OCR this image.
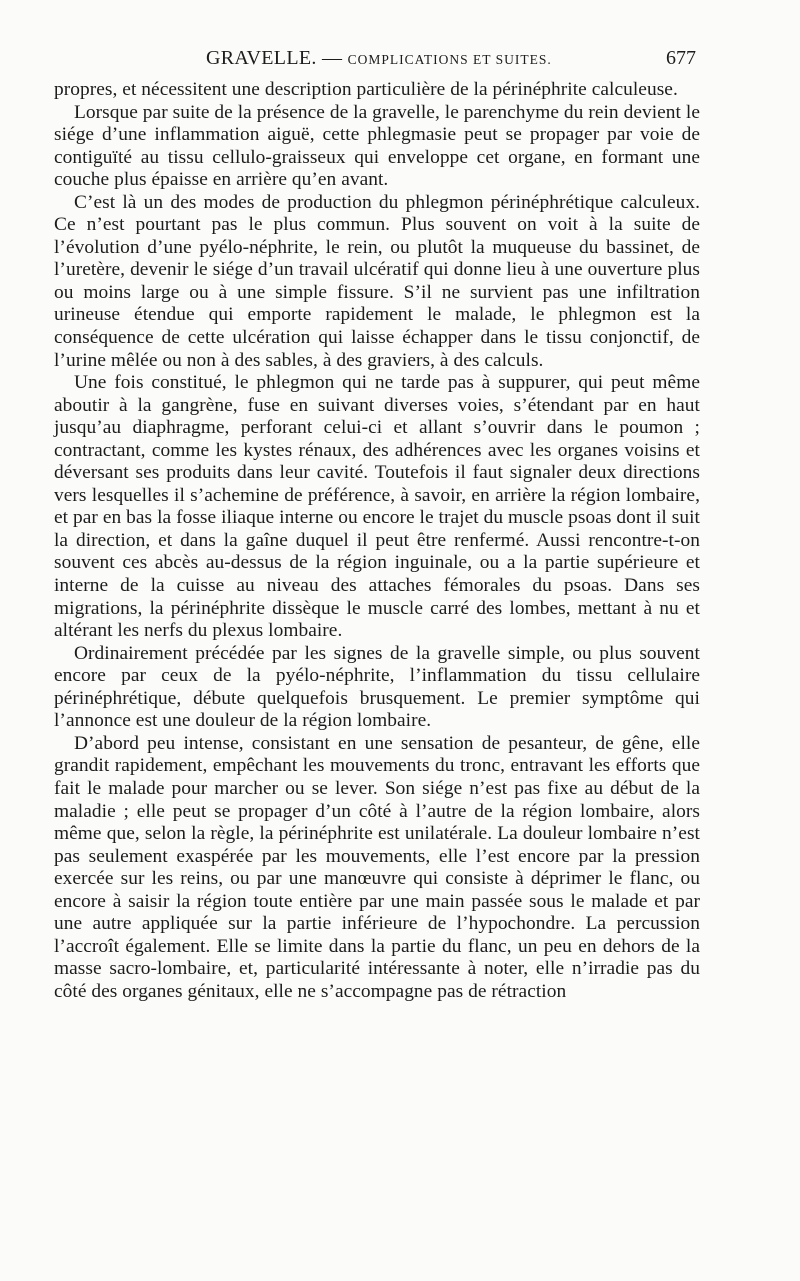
GRAVELLE. — COMPLICATIONS ET SUITES.	677

propres, et nécessitent une description particulière de la périnéphrite calculeuse.

Lorsque par suite de la présence de la gravelle, le parenchyme du rein devient le siége d’une inflammation aiguë, cette phlegmasie peut se propager par voie de contiguïté au tissu cellulo-graisseux qui enveloppe cet organe, en formant une couche plus épaisse en arrière qu’en avant.

C’est là un des modes de production du phlegmon périnéphrétique calculeux. Ce n’est pourtant pas le plus commun. Plus souvent on voit à la suite de l’évolution d’une pyélo-néphrite, le rein, ou plutôt la muqueuse du bassinet, de l’uretère, devenir le siége d’un travail ulcératif qui donne lieu à une ouverture plus ou moins large ou à une simple fissure. S’il ne survient pas une infiltration urineuse étendue qui emporte rapidement le malade, le phlegmon est la conséquence de cette ulcération qui laisse échapper dans le tissu conjonctif, de l’urine mêlée ou non à des sables, à des graviers, à des calculs.

Une fois constitué, le phlegmon qui ne tarde pas à suppurer, qui peut même aboutir à la gangrène, fuse en suivant diverses voies, s’étendant par en haut jusqu’au diaphragme, perforant celui-ci et allant s’ouvrir dans le poumon ; contractant, comme les kystes rénaux, des adhérences avec les organes voisins et déversant ses produits dans leur cavité. Toutefois il faut signaler deux directions vers lesquelles il s’achemine de préférence, à savoir, en arrière la région lombaire, et par en bas la fosse iliaque interne ou encore le trajet du muscle psoas dont il suit la direction, et dans la gaîne duquel il peut être renfermé. Aussi rencontre-t-on souvent ces abcès au-dessus de la région inguinale, ou a la partie supérieure et interne de la cuisse au niveau des attaches fémorales du psoas. Dans ses migrations, la périnéphrite dissèque le muscle carré des lombes, mettant à nu et altérant les nerfs du plexus lombaire.

Ordinairement précédée par les signes de la gravelle simple, ou plus souvent encore par ceux de la pyélo-néphrite, l’inflammation du tissu cellulaire périnéphrétique, débute quelquefois brusquement. Le premier symptôme qui l’annonce est une douleur de la région lombaire.

D’abord peu intense, consistant en une sensation de pesanteur, de gêne, elle grandit rapidement, empêchant les mouvements du tronc, entravant les efforts que fait le malade pour marcher ou se lever. Son siége n’est pas fixe au début de la maladie ; elle peut se propager d’un côté à l’autre de la région lombaire, alors même que, selon la règle, la périnéphrite est unilatérale. La douleur lombaire n’est pas seulement exaspérée par les mouvements, elle l’est encore par la pression exercée sur les reins, ou par une manœuvre qui consiste à déprimer le flanc, ou encore à saisir la région toute entière par une main passée sous le malade et par une autre appliquée sur la partie inférieure de l’hypochondre. La percussion l’accroît également. Elle se limite dans la partie du flanc, un peu en dehors de la masse sacro-lombaire, et, particularité intéressante à noter, elle n’irradie pas du côté des organes génitaux, elle ne s’accompagne pas de rétraction
